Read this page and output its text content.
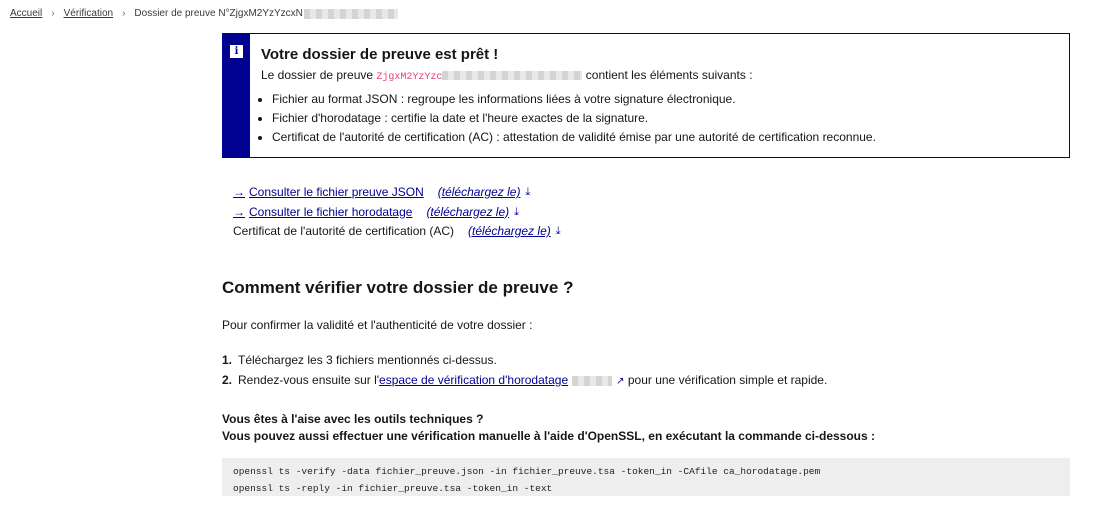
Accueil › Vérification › Dossier de preuve N°ZjgxM2YzYzcxN
i	Votre dossier de preuve est prêt !
Le dossier de preuve ZjgxM2YzYzc	contient les éléments suivants :
• Fichier au format JSON : regroupe les informations liées à votre signature électronique.
• Fichier d'horodatage : certifie la date et l'heure exactes de la signature.
• Certificat de l'autorité de certification (AC) : attestation de validité émise par une autorité de certification reconnue.
→ Consulter le fichier preuve JSON (téléchargez le) ⤓
→ Consulter le fichier horodatage (téléchargez le) ⤓
Certificat de l'autorité de certification (AC) (téléchargez le) ⤓
Comment vérifier votre dossier de preuve ?
Pour confirmer la validité et l'authenticité de votre dossier :
1. Téléchargez les 3 fichiers mentionnés ci-dessus.
2. Rendez-vous ensuite sur l'espace de vérification d'horodatage	↗ pour une vérification simple et rapide.
Vous êtes à l'aise avec les outils techniques ?
Vous pouvez aussi effectuer une vérification manuelle à l'aide d'OpenSSL, en exécutant la commande ci-dessous :
openssl ts -verify -data fichier_preuve.json -in fichier_preuve.tsa -token_in -CAfile ca_horodatage.pem
openssl ts -reply -in fichier_preuve.tsa -token_in -text
